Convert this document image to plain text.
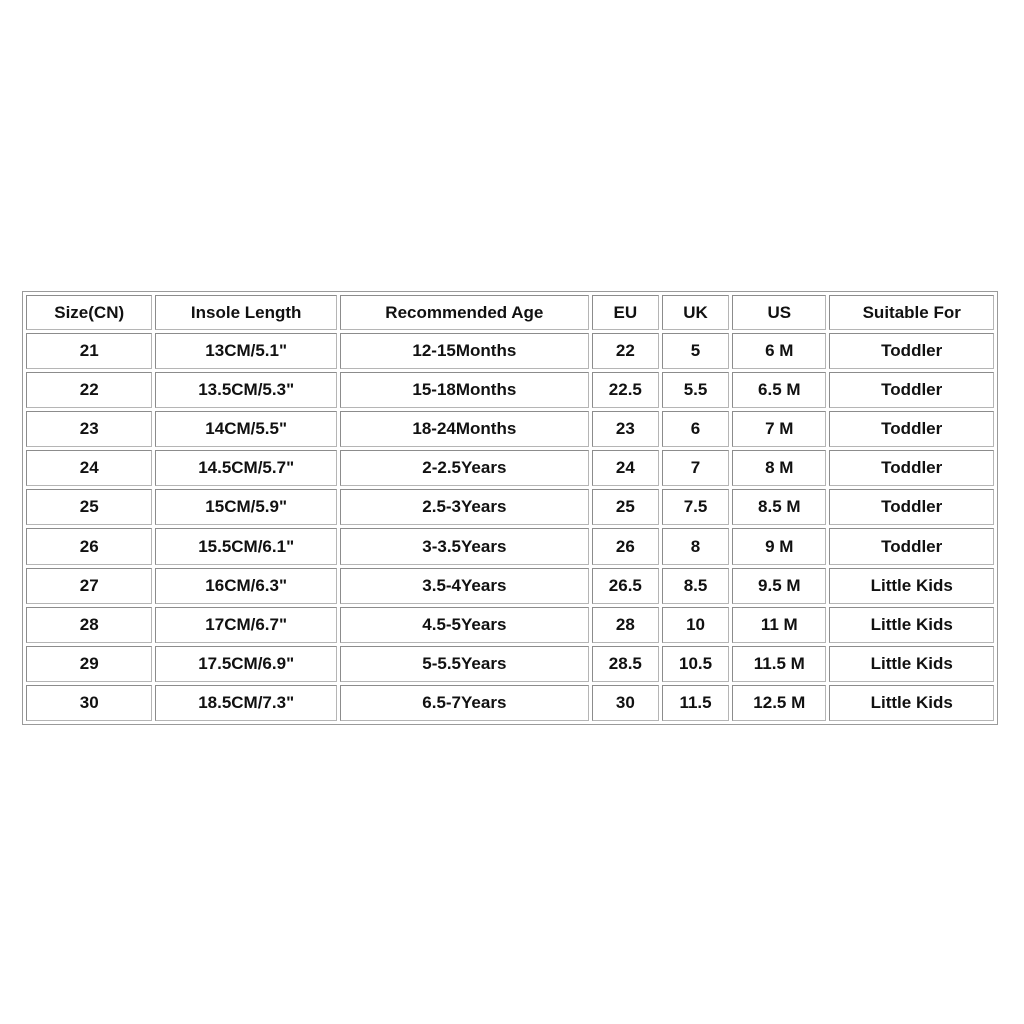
Size(CN)	Insole Length	Recommended Age	EU	UK	US	Suitable For
21	13CM/5.1"	12-15Months	22	5	6 M	Toddler
22	13.5CM/5.3"	15-18Months	22.5	5.5	6.5 M	Toddler
23	14CM/5.5"	18-24Months	23	6	7 M	Toddler
24	14.5CM/5.7"	2-2.5Years	24	7	8 M	Toddler
25	15CM/5.9"	2.5-3Years	25	7.5	8.5 M	Toddler
26	15.5CM/6.1"	3-3.5Years	26	8	9 M	Toddler
27	16CM/6.3"	3.5-4Years	26.5	8.5	9.5 M	Little Kids
28	17CM/6.7"	4.5-5Years	28	10	11 M	Little Kids
29	17.5CM/6.9"	5-5.5Years	28.5	10.5	11.5 M	Little Kids
30	18.5CM/7.3"	6.5-7Years	30	11.5	12.5 M	Little Kids
